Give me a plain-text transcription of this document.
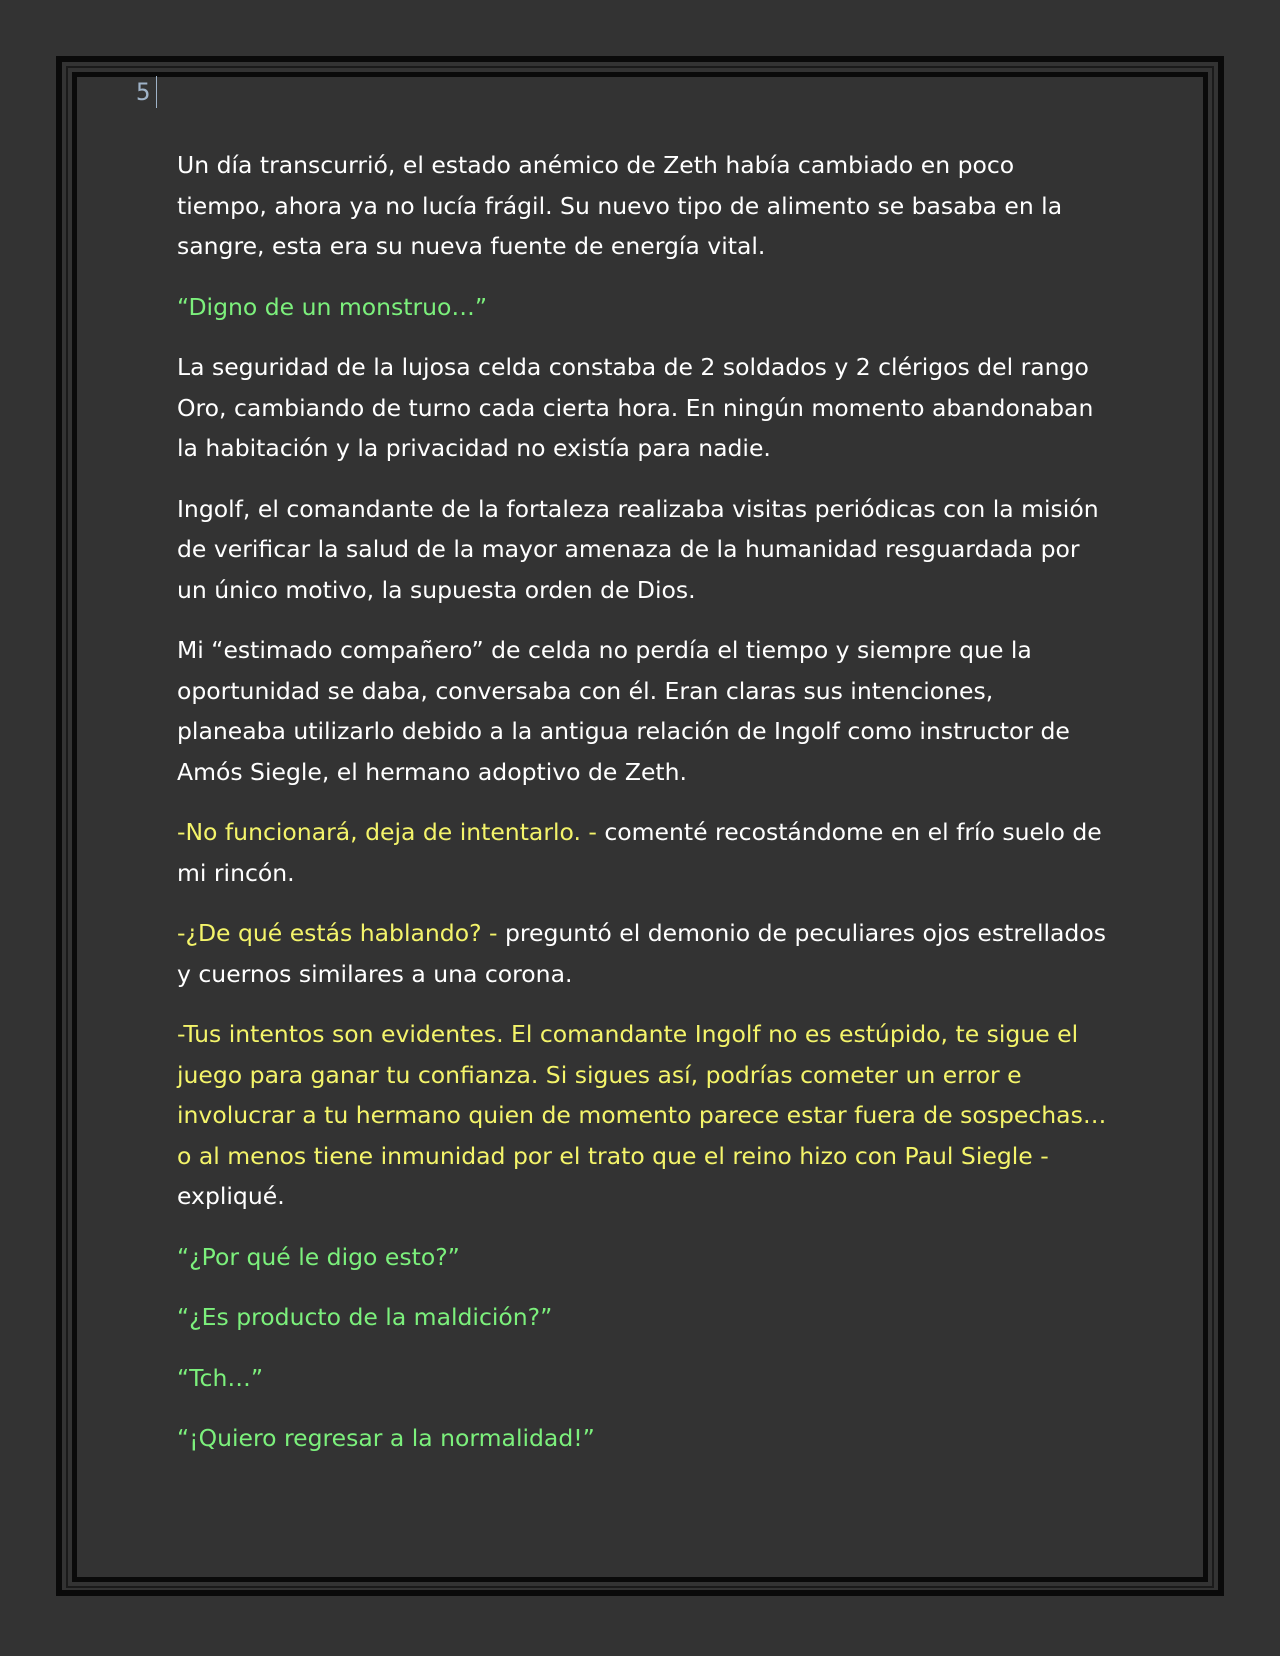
5

Un día transcurrió, el estado anémico de Zeth había cambiado en poco tiempo, ahora ya no lucía frágil. Su nuevo tipo de alimento se basaba en la sangre, esta era su nueva fuente de energía vital.

“Digno de un monstruo…”

La seguridad de la lujosa celda constaba de 2 soldados y 2 clérigos del rango Oro, cambiando de turno cada cierta hora. En ningún momento abandonaban la habitación y la privacidad no existía para nadie.

Ingolf, el comandante de la fortaleza realizaba visitas periódicas con la misión de verificar la salud de la mayor amenaza de la humanidad resguardada por un único motivo, la supuesta orden de Dios.

Mi “estimado compañero” de celda no perdía el tiempo y siempre que la oportunidad se daba, conversaba con él. Eran claras sus intenciones, planeaba utilizarlo debido a la antigua relación de Ingolf como instructor de Amós Siegle, el hermano adoptivo de Zeth.

-No funcionará, deja de intentarlo. - comenté recostándome en el frío suelo de mi rincón.

-¿De qué estás hablando? - preguntó el demonio de peculiares ojos estrellados y cuernos similares a una corona.

-Tus intentos son evidentes. El comandante Ingolf no es estúpido, te sigue el juego para ganar tu confianza. Si sigues así, podrías cometer un error e involucrar a tu hermano quien de momento parece estar fuera de sospechas… o al menos tiene inmunidad por el trato que el reino hizo con Paul Siegle - expliqué.

“¿Por qué le digo esto?”

“¿Es producto de la maldición?”

“Tch…”

“¡Quiero regresar a la normalidad!”
